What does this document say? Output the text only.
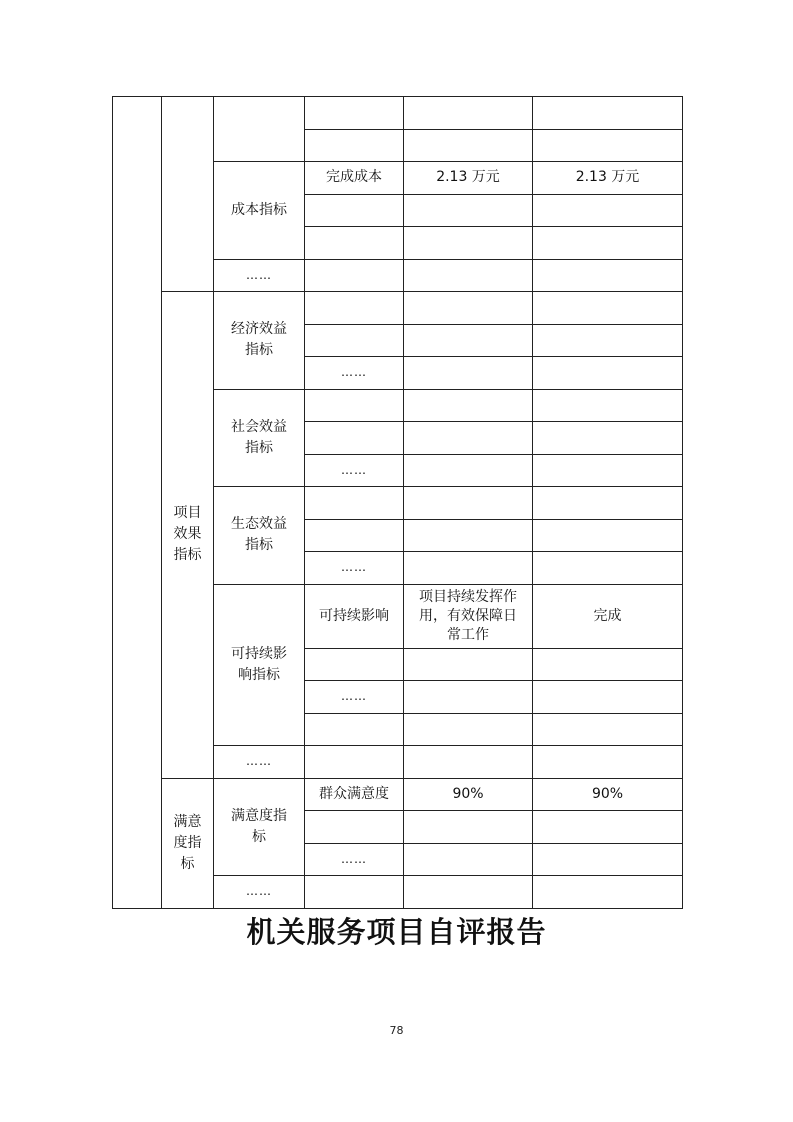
		成本指标	完成成本	2.13 万元	2.13 万元

		……			

	项目效果指标	经济效益指标			

			……		

		社会效益指标			

			……		

		生态效益指标			

			……		

		可持续影响指标	可持续影响	项目持续发挥作用，有效保障日常工作	完成

			……		

		……			

	满意度指标	满意度指标	群众满意度	90%	90%

			……		
		……			
机关服务项目自评报告
78
